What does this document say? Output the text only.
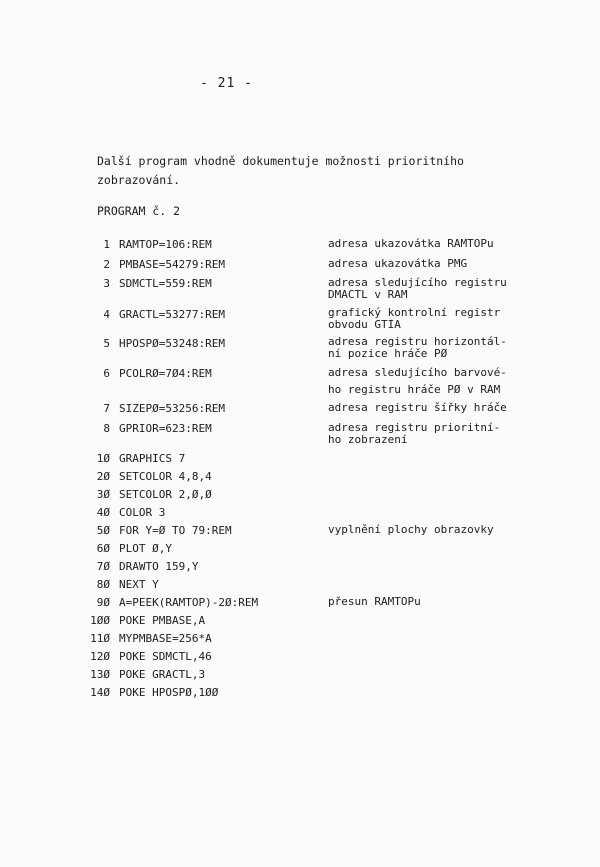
- 21 -
Další program vhodně dokumentuje možnosti prioritního
zobrazování.
PROGRAM č. 2
1 RAMTOP=106:REM
2 PMBASE=54279:REM
3 SDMCTL=559:REM
4 GRACTL=53277:REM
5 HPOSPØ=53248:REM
6 PCOLRØ=7Ø4:REM
7 SIZEPØ=53256:REM
8 GPRIOR=623:REM
1Ø GRAPHICS 7
2Ø SETCOLOR 4,8,4
3Ø SETCOLOR 2,Ø,Ø
4Ø COLOR 3
5Ø FOR Y=Ø TO 79:REM
6Ø PLOT Ø,Y
7Ø DRAWTO 159,Y
8Ø NEXT Y
9Ø A=PEEK(RAMTOP)-2Ø:REM
1ØØ POKE PMBASE,A
11Ø MYPMBASE=256*A
12Ø POKE SDMCTL,46
13Ø POKE GRACTL,3
14Ø POKE HPOSPØ,1ØØ
adresa ukazovátka RAMTOPu
adresa ukazovátka PMG
adresa sledujícího registru
DMACTL v RAM
grafický kontrolní registr
obvodu GTIA
adresa registru horizontál-
ní pozice hráče PØ
adresa sledujícího barvové-
ho registru hráče PØ v RAM
adresa registru šířky hráče
adresa registru prioritní-
ho zobrazení
vyplnění plochy obrazovky
přesun RAMTOPu
